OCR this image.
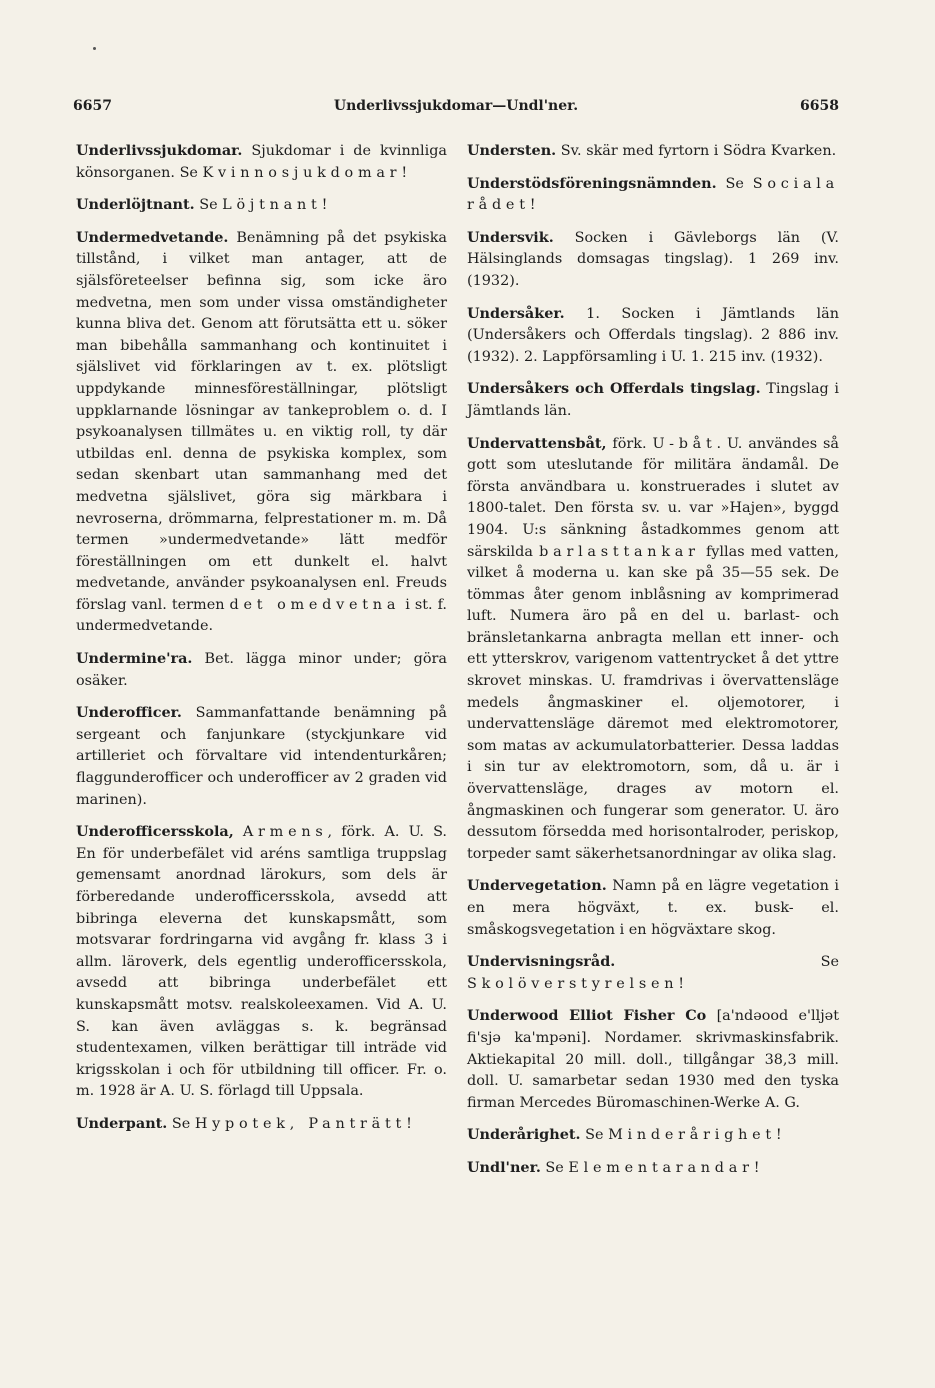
6657	Underlivssjukdomar—Undl'ner.	6658

Underlivssjukdomar. Sjukdomar i de kvinnliga könsorganen. Se Kvinnosjukdomar!

Underlöjtnant. Se Löjtnant!

Undermedvetande. Benämning på det psykiska tillstånd, i vilket man antager, att de själsföreteelser befinna sig, som icke äro medvetna, men som under vissa omständigheter kunna bliva det. Genom att förutsätta ett u. söker man bibehålla sammanhang och kontinuitet i själslivet vid förklaringen av t. ex. plötsligt uppdykande minnesföreställningar, plötsligt uppklarnande lösningar av tankeproblem o. d. I psykoanalysen tillmätes u. en viktig roll, ty där utbildas enl. denna de psykiska komplex, som sedan skenbart utan sammanhang med det medvetna själslivet, göra sig märkbara i nevroserna, drömmarna, felprestationer m. m. Då termen »undermedvetande» lätt medför föreställningen om ett dunkelt el. halvt medvetande, använder psykoanalysen enl. Freuds förslag vanl. termen det omedvetna i st. f. undermedvetande.

Undermine'ra. Bet. lägga minor under; göra osäker.

Underofficer. Sammanfattande benämning på sergeant och fanjunkare (styckjunkare vid artilleriet och förvaltare vid intendenturkåren; flaggunderofficer och underofficer av 2 graden vid marinen).

Underofficersskola, Armens, förk. A. U. S. En för underbefälet vid aréns samtliga truppslag gemensamt anordnad lärokurs, som dels är förberedande underofficersskola, avsedd att bibringa eleverna det kunskapsmått, som motsvarar fordringarna vid avgång fr. klass 3 i allm. läroverk, dels egentlig underofficersskola, avsedd att bibringa underbefälet ett kunskapsmått motsv. realskoleexamen. Vid A. U. S. kan även avläggas s. k. begränsad studentexamen, vilken berättigar till inträde vid krigsskolan i och för utbildning till officer. Fr. o. m. 1928 är A. U. S. förlagd till Uppsala.

Underpant. Se Hypotek, Panträtt!

Understen. Sv. skär med fyrtorn i Södra Kvarken.

Understödsföreningsnämnden. Se Sociala rådet!

Undersvik. Socken i Gävleborgs län (V. Hälsinglands domsagas tingslag). 1 269 inv. (1932).

Undersåker. 1. Socken i Jämtlands län (Undersåkers och Offerdals tingslag). 2 886 inv. (1932). 2. Lappförsamling i U. 1. 215 inv. (1932).

Undersåkers och Offerdals tingslag. Tingslag i Jämtlands län.

Undervattensbåt, förk. U-båt. U. användes så gott som uteslutande för militära ändamål. De första användbara u. konstruerades i slutet av 1800-talet. Den första sv. u. var »Hajen», byggd 1904. U:s sänkning åstadkommes genom att särskilda barlasttankar fyllas med vatten, vilket å moderna u. kan ske på 35—55 sek. De tömmas åter genom inblåsning av komprimerad luft. Numera äro på en del u. barlast- och bränsletankarna anbragta mellan ett inner- och ett ytterskrov, varigenom vattentrycket å det yttre skrovet minskas. U. framdrivas i övervattensläge medels ångmaskiner el. oljemotorer, i undervattensläge däremot med elektromotorer, som matas av ackumulatorbatterier. Dessa laddas i sin tur av elektromotorn, som, då u. är i övervattensläge, drages av motorn el. ångmaskinen och fungerar som generator. U. äro dessutom försedda med horisontalroder, periskop, torpeder samt säkerhetsanordningar av olika slag.

Undervegetation. Namn på en lägre vegetation i en mera högväxt, t. ex. busk- el. småskogsvegetation i en högväxtare skog.

Undervisningsråd. Se Skolöverstyrelsen!

Underwood Elliot Fisher Co [a'ndəood e'lljət fi'sjə ka'mpəni]. Nordamer. skrivmaskinsfabrik. Aktiekapital 20 mill. doll., tillgångar 38,3 mill. doll. U. samarbetar sedan 1930 med den tyska firman Mercedes Büromaschinen-Werke A. G.

Underårighet. Se Minderårighet!

Undl'ner. Se Elementarandar!
